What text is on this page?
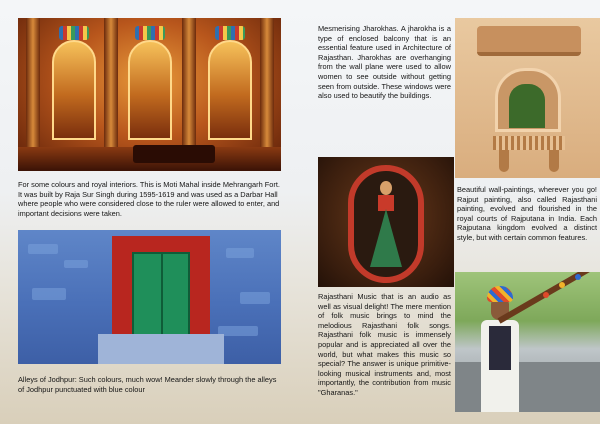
For some colours and royal interiors. This is Moti Mahal inside Mehrangarh Fort. It was built by Raja Sur Singh during 1595-1619 and was used as a Darbar Hall where people who were considered close to the ruler were allowed to enter, and important decisions were taken.
Alleys of Jodhpur: Such colours, much wow! Meander slowly through the alleys of Jodhpur punctuated with blue colour
Mesmerising Jharokhas. A jharokha is a type of enclosed balcony that is an essential feature used in Architecture of Rajasthan. Jharokhas are overhanging from the wall plane were used to allow women to see outside without getting seen from outside. These windows were also used to beautify the buildings.
Beautiful wall-paintings, wherever you go! Rajput painting, also called Rajasthani painting, evolved and flourished in the royal courts of Rajputana in India. Each Rajputana kingdom evolved a distinct style, but with certain common features.
Rajasthani Music that is an audio as well as visual delight! The mere mention of folk music brings to mind the melodious Rajasthani folk songs. Rajasthani folk music is immensely popular and is appreciated all over the world, but what makes this music so special? The answer is unique primitive-looking musical instruments and, most importantly, the contribution from music "Gharanas."
